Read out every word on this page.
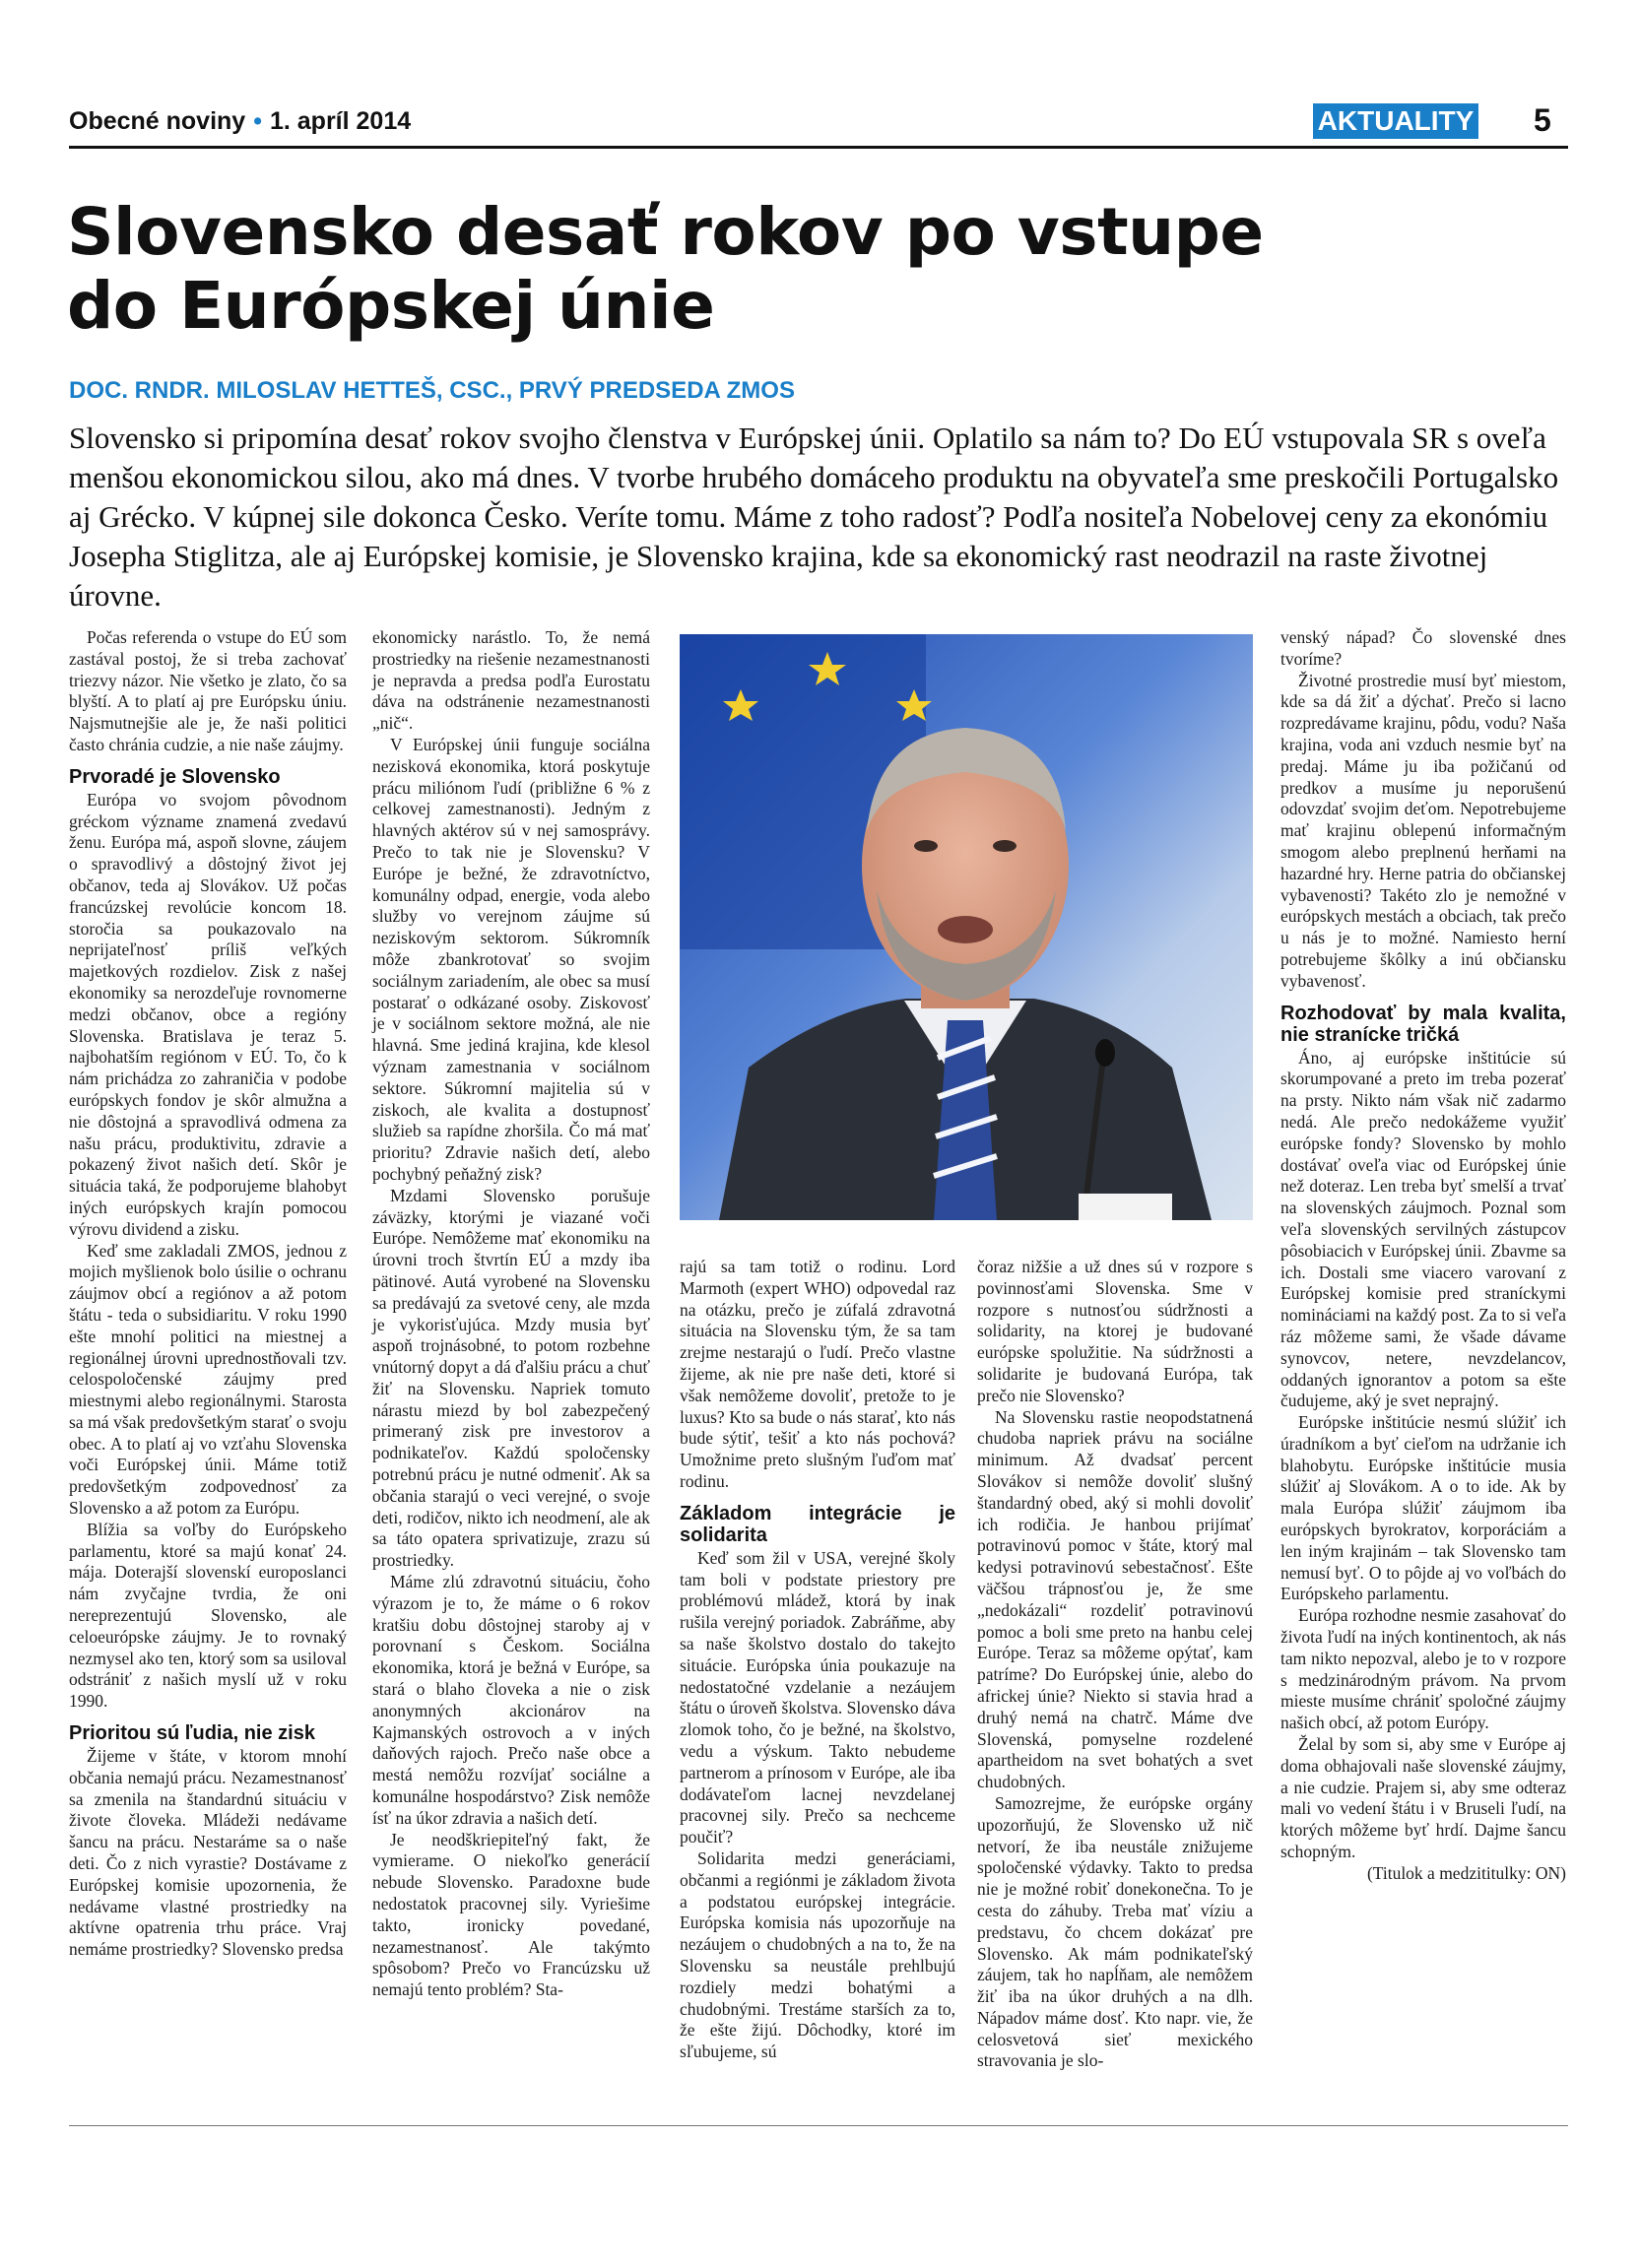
Obecné noviny • 1. apríl 2014	AKTUALITY 5
Slovensko desať rokov po vstupe
do Európskej únie
DOC. RNDR. MILOSLAV HETTEŠ, CSC., PRVÝ PREDSEDA ZMOS
Slovensko si pripomína desať rokov svojho členstva v Európskej únii. Oplatilo sa nám to? Do EÚ vstupovala SR s oveľa menšou ekonomickou silou, ako má dnes. V tvorbe hrubého domáceho produktu na obyvateľa sme preskočili Portugalsko aj Grécko. V kúpnej sile dokonca Česko. Veríte tomu. Máme z toho radosť? Podľa nositeľa Nobelovej ceny za ekonómiu Josepha Stiglitza, ale aj Európskej komisie, je Slovensko krajina, kde sa ekonomický rast neodrazil na raste životnej úrovne.

Počas referenda o vstupe do EÚ som zastával postoj, že si treba zachovať triezvy názor. Nie všetko je zlato, čo sa blyští. A to platí aj pre Európsku úniu. Najsmutnejšie ale je, že naši politici často chránia cudzie, a nie naše záujmy.

Prvoradé je Slovensko

Európa vo svojom pôvodnom gréckom význame znamená zvedavú ženu. Európa má, aspoň slovne, záujem o spravodlivý a dôstojný život jej občanov, teda aj Slovákov. Už počas francúzskej revolúcie koncom 18. storočia sa poukazovalo na neprijateľnosť príliš veľkých majetkových rozdielov. Zisk z našej ekonomiky sa nerozdeľuje rovnomerne medzi občanov, obce a regióny Slovenska. Bratislava je teraz 5. najbohatším regiónom v EÚ. To, čo k nám prichádza zo zahraničia v podobe európskych fondov je skôr almužna a nie dôstojná a spravodlivá odmena za našu prácu, produktivitu, zdravie a pokazený život našich detí. Skôr je situácia taká, že podporujeme blahobyt iných európskych krajín pomocou výrovu dividend a zisku.

Keď sme zakladali ZMOS, jednou z mojich myšlienok bolo úsilie o ochranu záujmov obcí a regiónov a až potom štátu - teda o subsidiaritu. V roku 1990 ešte mnohí politici na miestnej a regionálnej úrovni uprednostňovali tzv. celospoločenské záujmy pred miestnymi alebo regionálnymi. Starosta sa má však predovšetkým starať o svoju obec. A to platí aj vo vzťahu Slovenska voči Európskej únii. Máme totiž predovšetkým zodpovednosť za Slovensko a až potom za Európu.

Blížia sa voľby do Európskeho parlamentu, ktoré sa majú konať 24. mája. Doterajší slovenskí europoslanci nám zvyčajne tvrdia, že oni nereprezentujú Slovensko, ale celoeurópske záujmy. Je to rovnaký nezmysel ako ten, ktorý som sa usiloval odstrániť z našich myslí už v roku 1990.

Prioritou sú ľudia, nie zisk

Žijeme v štáte, v ktorom mnohí občania nemajú prácu. Nezamestnanosť sa zmenila na štandardnú situáciu v živote človeka. Mládeži nedávame šancu na prácu. Nestaráme sa o naše deti. Čo z nich vyrastie? Dostávame z Európskej komisie upozornenia, že nedávame vlastné prostriedky na aktívne opatrenia trhu práce. Vraj nemáme prostriedky? Slovensko predsa

ekonomicky narástlo. To, že nemá prostriedky na riešenie nezamestnanosti je nepravda a predsa podľa Eurostatu dáva na odstránenie nezamestnanosti „nič“.

V Európskej únii funguje sociálna nezisková ekonomika, ktorá poskytuje prácu miliónom ľudí (približne 6 % z celkovej zamestnanosti). Jedným z hlavných aktérov sú v nej samosprávy. Prečo to tak nie je Slovensku? V Európe je bežné, že zdravotníctvo, komunálny odpad, energie, voda alebo služby vo verejnom záujme sú neziskovým sektorom. Súkromník môže zbankrotovať so svojim sociálnym zariadením, ale obec sa musí postarať o odkázané osoby. Ziskovosť je v sociálnom sektore možná, ale nie hlavná. Sme jediná krajina, kde klesol význam zamestnania v sociálnom sektore. Súkromní majitelia sú v ziskoch, ale kvalita a dostupnosť služieb sa rapídne zhoršila. Čo má mať prioritu? Zdravie našich detí, alebo pochybný peňažný zisk?

Mzdami Slovensko porušuje záväzky, ktorými je viazané voči Európe. Nemôžeme mať ekonomiku na úrovni troch štvrtín EÚ a mzdy iba pätinové. Autá vyrobené na Slovensku sa predávajú za svetové ceny, ale mzda je vykorisťujúca. Mzdy musia byť aspoň trojnásobné, to potom rozbehne vnútorný dopyt a dá ďalšiu prácu a chuť žiť na Slovensku. Napriek tomuto nárastu miezd by bol zabezpečený primeraný zisk pre investorov a podnikateľov. Každú spoločensky potrebnú prácu je nutné odmeniť. Ak sa občania starajú o veci verejné, o svoje deti, rodičov, nikto ich neodmení, ale ak sa táto opatera sprivatizuje, zrazu sú prostriedky.

Máme zlú zdravotnú situáciu, čoho výrazom je to, že máme o 6 rokov kratšiu dobu dôstojnej staroby aj v porovnaní s Českom. Sociálna ekonomika, ktorá je bežná v Európe, sa stará o blaho človeka a nie o zisk anonymných akcionárov na Kajmanských ostrovoch a v iných daňových rajoch. Prečo naše obce a mestá nemôžu rozvíjať sociálne a komunálne hospodárstvo? Zisk nemôže ísť na úkor zdravia a našich detí.

Je neodškriepiteľný fakt, že vymierame. O niekoľko generácií nebude Slovensko. Paradoxne bude nedostatok pracovnej sily. Vyriešime takto, ironicky povedané, nezamestnanosť. Ale takýmto spôsobom? Prečo vo Francúzsku už nemajú tento problém? Sta-

rajú sa tam totiž o rodinu. Lord Marmoth (expert WHO) odpovedal raz na otázku, prečo je zúfalá zdravotná situácia na Slovensku tým, že sa tam zrejme nestarajú o ľudí. Prečo vlastne žijeme, ak nie pre naše deti, ktoré si však nemôžeme dovoliť, pretože to je luxus? Kto sa bude o nás starať, kto nás bude sýtiť, tešiť a kto nás pochová? Umožnime preto slušným ľuďom mať rodinu.

Základom integrácie je solidarita

Keď som žil v USA, verejné školy tam boli v podstate priestory pre problémovú mládež, ktorá by inak rušila verejný poriadok. Zabráňme, aby sa naše školstvo dostalo do takejto situácie. Európska únia poukazuje na nedostatočné vzdelanie a nezáujem štátu o úroveň školstva. Slovensko dáva zlomok toho, čo je bežné, na školstvo, vedu a výskum. Takto nebudeme partnerom a prínosom v Európe, ale iba dodávateľom lacnej nevzdelanej pracovnej sily. Prečo sa nechceme poučiť?

Solidarita medzi generáciami, občanmi a regiónmi je základom života a podstatou európskej integrácie. Európska komisia nás upozorňuje na nezáujem o chudobných a na to, že na Slovensku sa neustále prehlbujú rozdiely medzi bohatými a chudobnými. Trestáme starších za to, že ešte žijú. Dôchodky, ktoré im sľubujeme, sú

čoraz nižšie a už dnes sú v rozpore s povinnosťami Slovenska. Sme v rozpore s nutnosťou súdržnosti a solidarity, na ktorej je budované európske spolužitie. Na súdržnosti a solidarite je budovaná Európa, tak prečo nie Slovensko?

Na Slovensku rastie neopodstatnená chudoba napriek právu na sociálne minimum. Až dvadsať percent Slovákov si nemôže dovoliť slušný štandardný obed, aký si mohli dovoliť ich rodičia. Je hanbou prijímať potravinovú pomoc v štáte, ktorý mal kedysi potravinovú sebestačnosť. Ešte väčšou trápnosťou je, že sme „nedokázali“ rozdeliť potravinovú pomoc a boli sme preto na hanbu celej Európe. Teraz sa môžeme opýtať, kam patríme? Do Európskej únie, alebo do africkej únie? Niekto si stavia hrad a druhý nemá na chatrč. Máme dve Slovenská, pomyselne rozdelené apartheidom na svet bohatých a svet chudobných.

Samozrejme, že európske orgány upozorňujú, že Slovensko už nič netvorí, že iba neustále znižujeme spoločenské výdavky. Takto to predsa nie je možné robiť donekonečna. To je cesta do záhuby. Treba mať víziu a predstavu, čo chcem dokázať pre Slovensko. Ak mám podnikateľský záujem, tak ho napĺňam, ale nemôžem žiť iba na úkor druhých a na dlh. Nápadov máme dosť. Kto napr. vie, že celosvetová sieť mexického stravovania je slo-

venský nápad? Čo slovenské dnes tvoríme?

Životné prostredie musí byť miestom, kde sa dá žiť a dýchať. Prečo si lacno rozpredávame krajinu, pôdu, vodu? Naša krajina, voda ani vzduch nesmie byť na predaj. Máme ju iba požičanú od predkov a musíme ju neporušenú odovzdať svojim deťom. Nepotrebujeme mať krajinu oblepenú informačným smogom alebo preplnenú herňami na hazardné hry. Herne patria do občianskej vybavenosti? Takéto zlo je nemožné v európskych mestách a obciach, tak prečo u nás je to možné. Namiesto herní potrebujeme škôlky a inú občiansku vybavenosť.

Rozhodovať by mala kvalita, nie stranícke tričká

Áno, aj európske inštitúcie sú skorumpované a preto im treba pozerať na prsty. Nikto nám však nič zadarmo nedá. Ale prečo nedokážeme využiť európske fondy? Slovensko by mohlo dostávať oveľa viac od Európskej únie než doteraz. Len treba byť smelší a trvať na slovenských záujmoch. Poznal som veľa slovenských servilných zástupcov pôsobiacich v Európskej únii. Zbavme sa ich. Dostali sme viacero varovaní z Európskej komisie pred straníckymi nomináciami na každý post. Za to si veľa ráz môžeme sami, že všade dávame synovcov, netere, nevzdelancov, oddaných ignorantov a potom sa ešte čudujeme, aký je svet neprajný.

Európske inštitúcie nesmú slúžiť ich úradníkom a byť cieľom na udržanie ich blahobytu. Európske inštitúcie musia slúžiť aj Slovákom. A o to ide. Ak by mala Európa slúžiť záujmom iba európskych byrokratov, korporáciám a len iným krajinám – tak Slovensko tam nemusí byť. O to pôjde aj vo voľbách do Európskeho parlamentu.

Európa rozhodne nesmie zasahovať do života ľudí na iných kontinentoch, ak nás tam nikto nepozval, alebo je to v rozpore s medzinárodným právom. Na prvom mieste musíme chrániť spoločné záujmy našich obcí, až potom Európy.

Želal by som si, aby sme v Európe aj doma obhajovali naše slovenské záujmy, a nie cudzie. Prajem si, aby sme odteraz mali vo vedení štátu i v Bruseli ľudí, na ktorých môžeme byť hrdí. Dajme šancu schopným.

(Titulok a medzititulky: ON)
